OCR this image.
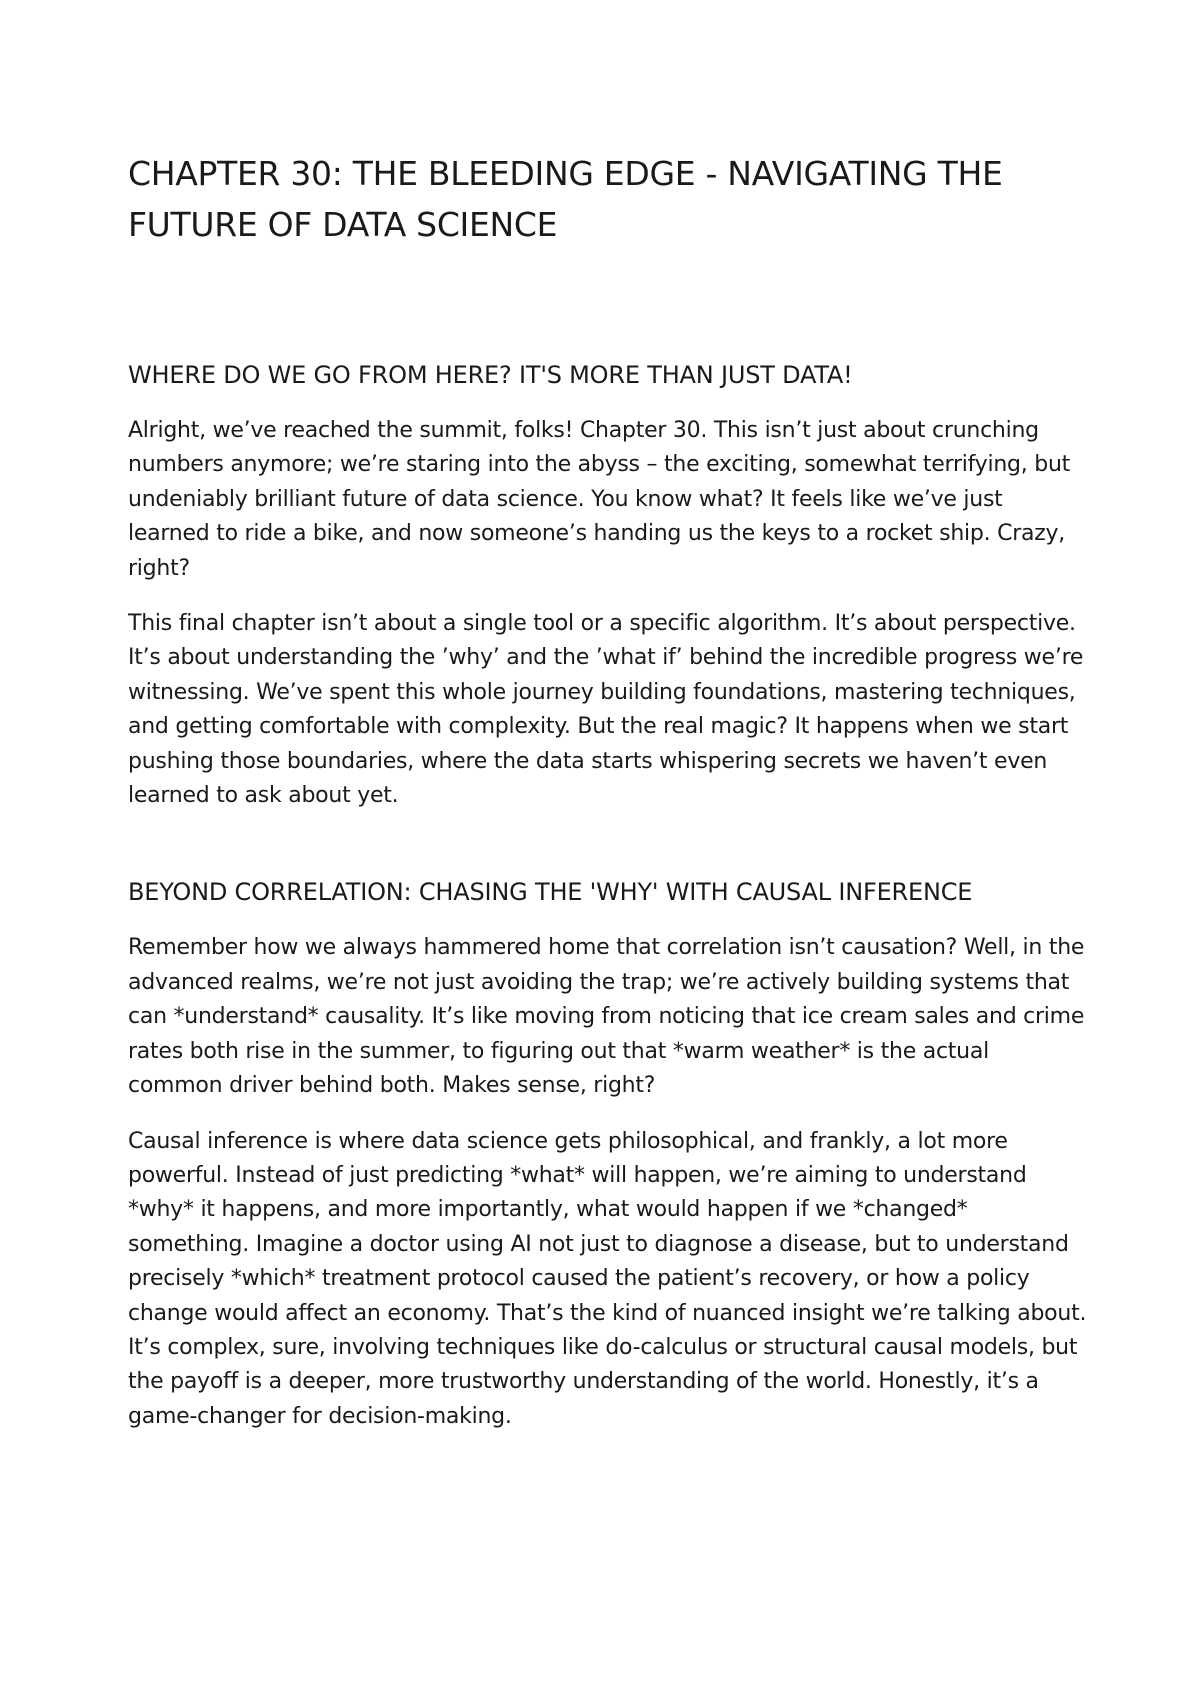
CHAPTER 30: THE BLEEDING EDGE - NAVIGATING THE FUTURE OF DATA SCIENCE
WHERE DO WE GO FROM HERE? IT'S MORE THAN JUST DATA!

Alright, we’ve reached the summit, folks! Chapter 30. This isn’t just about crunching numbers anymore; we’re staring into the abyss – the exciting, somewhat terrifying, but undeniably brilliant future of data science. You know what? It feels like we’ve just learned to ride a bike, and now someone’s handing us the keys to a rocket ship. Crazy, right?

This final chapter isn’t about a single tool or a specific algorithm. It’s about perspective. It’s about understanding the ’why’ and the ’what if’ behind the incredible progress we’re witnessing. We’ve spent this whole journey building foundations, mastering techniques, and getting comfortable with complexity. But the real magic? It happens when we start pushing those boundaries, where the data starts whispering secrets we haven’t even learned to ask about yet.

BEYOND CORRELATION: CHASING THE 'WHY' WITH CAUSAL INFERENCE

Remember how we always hammered home that correlation isn’t causation? Well, in the advanced realms, we’re not just avoiding the trap; we’re actively building systems that can *understand* causality. It’s like moving from noticing that ice cream sales and crime rates both rise in the summer, to figuring out that *warm weather* is the actual common driver behind both. Makes sense, right?

Causal inference is where data science gets philosophical, and frankly, a lot more powerful. Instead of just predicting *what* will happen, we’re aiming to understand *why* it happens, and more importantly, what would happen if we *changed* something. Imagine a doctor using AI not just to diagnose a disease, but to understand precisely *which* treatment protocol caused the patient’s recovery, or how a policy change would affect an economy. That’s the kind of nuanced insight we’re talking about. It’s complex, sure, involving techniques like do-calculus or structural causal models, but the payoff is a deeper, more trustworthy understanding of the world. Honestly, it’s a game-changer for decision-making.
